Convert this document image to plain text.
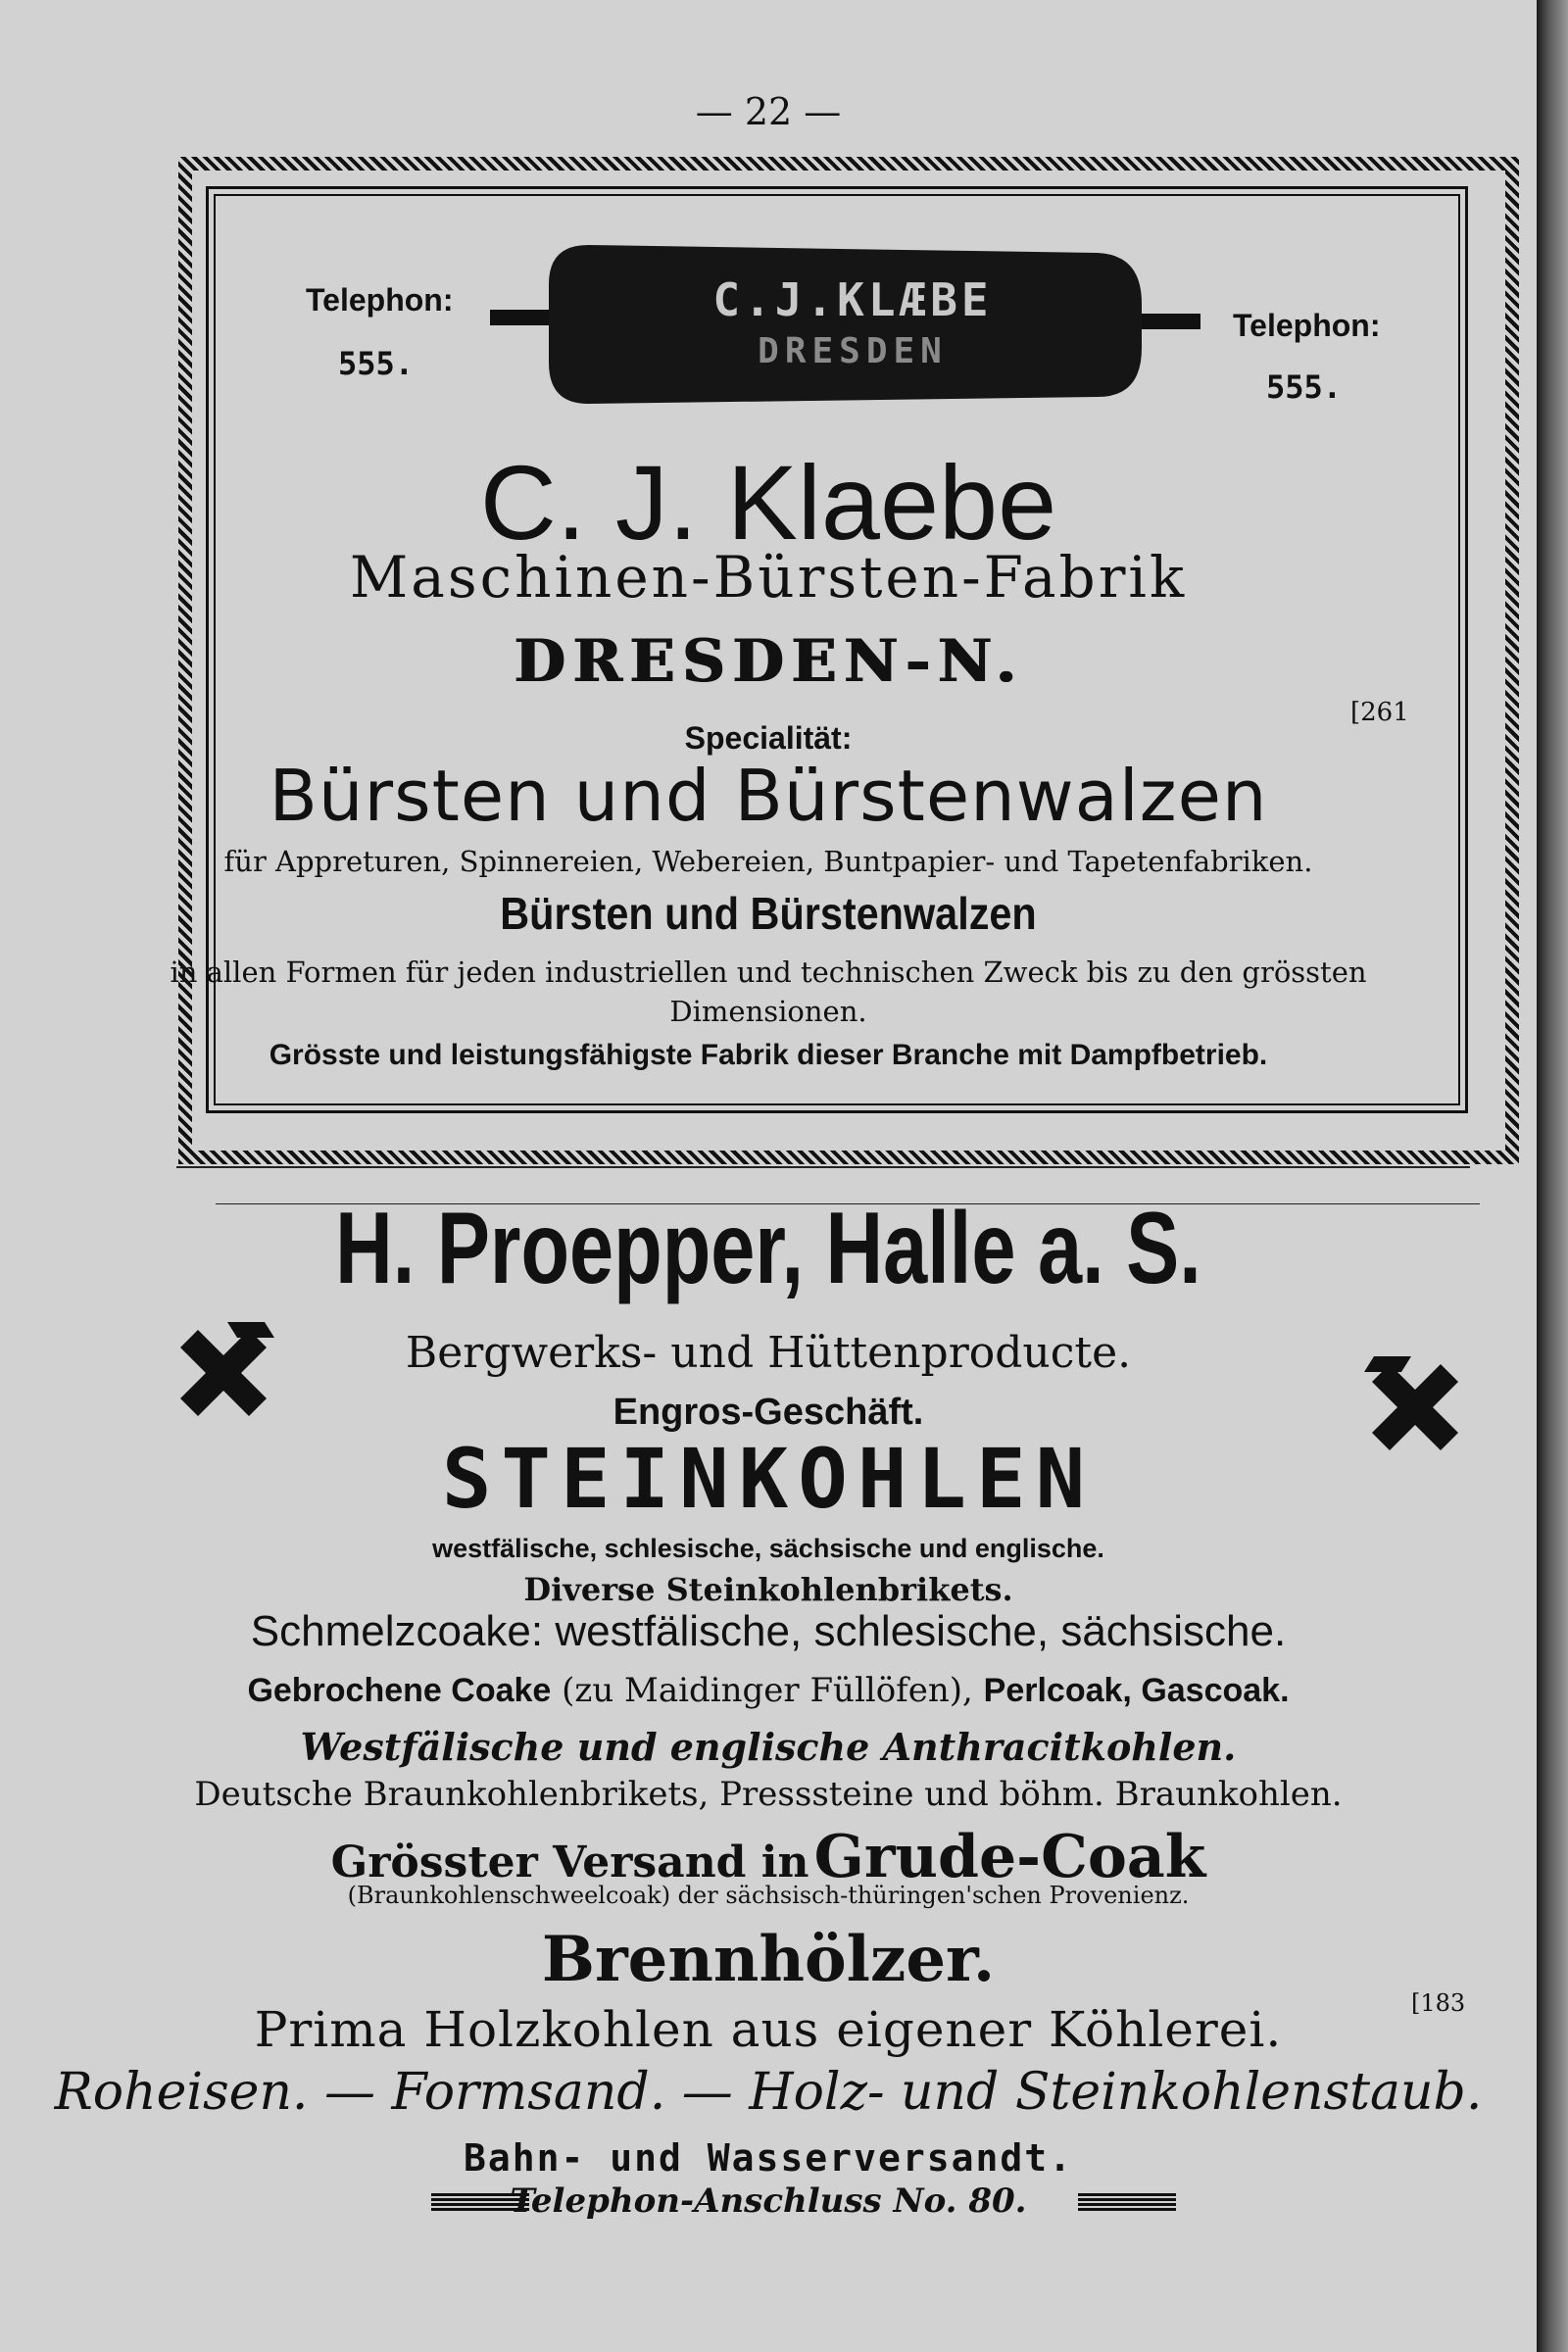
— 22 —
Telephon:
555.
Telephon:
555.
C.J.KLÆBE
DRESDEN
C. J. Klaebe
Maschinen-Bürsten-Fabrik
DRESDEN-N.
[261
Specialität:
Bürsten und Bürstenwalzen
für Appreturen, Spinnereien, Webereien, Buntpapier- und Tapetenfabriken.
Bürsten und Bürstenwalzen
in allen Formen für jeden industriellen und technischen Zweck bis zu den grössten
Dimensionen.
Grösste und leistungsfähigste Fabrik dieser Branche mit Dampfbetrieb.
H. Proepper, Halle a. S.
Bergwerks- und Hüttenproducte.
Engros-Geschäft.
STEINKOHLEN
westfälische, schlesische, sächsische und englische.
Diverse Steinkohlenbrikets.
Schmelzcoake: westfälische, schlesische, sächsische.
Gebrochene Coake (zu Maidinger Füllöfen), Perlcoak, Gascoak.
Westfälische und englische Anthracitkohlen.
Deutsche Braunkohlenbrikets, Presssteine und böhm. Braunkohlen.
Grösster Versand in Grude-Coak
(Braunkohlenschweelcoak) der sächsisch-thüringen'schen Provenienz.
Brennhölzer.
Prima Holzkohlen aus eigener Köhlerei.	[183
Roheisen. — Formsand. — Holz- und Steinkohlenstaub.
Bahn- und Wasserversandt.
Telephon-Anschluss No. 80.
